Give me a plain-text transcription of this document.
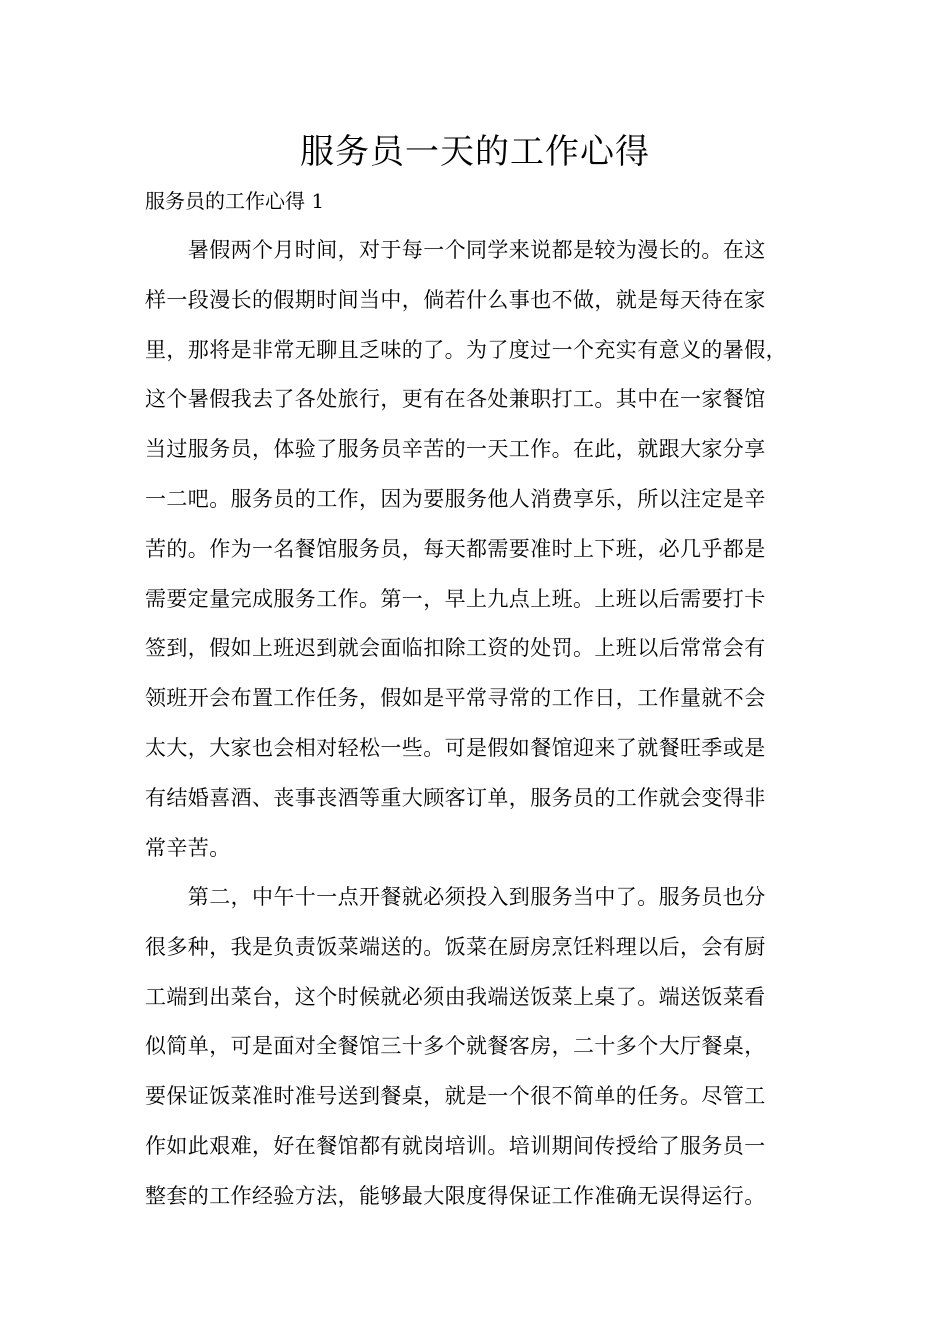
服务员一天的工作心得
服务员的工作心得 1

　　暑假两个月时间，对于每一个同学来说都是较为漫长的。在这
样一段漫长的假期时间当中，倘若什么事也不做，就是每天待在家
里，那将是非常无聊且乏味的了。为了度过一个充实有意义的暑假，
这个暑假我去了各处旅行，更有在各处兼职打工。其中在一家餐馆
当过服务员，体验了服务员辛苦的一天工作。在此，就跟大家分享
一二吧。服务员的工作，因为要服务他人消费享乐，所以注定是辛
苦的。作为一名餐馆服务员，每天都需要准时上下班，必几乎都是
需要定量完成服务工作。第一，早上九点上班。上班以后需要打卡
签到，假如上班迟到就会面临扣除工资的处罚。上班以后常常会有
领班开会布置工作任务，假如是平常寻常的工作日，工作量就不会
太大，大家也会相对轻松一些。可是假如餐馆迎来了就餐旺季或是
有结婚喜酒、丧事丧酒等重大顾客订单，服务员的工作就会变得非
常辛苦。

　　第二，中午十一点开餐就必须投入到服务当中了。服务员也分
很多种，我是负责饭菜端送的。饭菜在厨房烹饪料理以后，会有厨
工端到出菜台，这个时候就必须由我端送饭菜上桌了。端送饭菜看
似简单，可是面对全餐馆三十多个就餐客房，二十多个大厅餐桌，
要保证饭菜准时准号送到餐桌，就是一个很不简单的任务。尽管工
作如此艰难，好在餐馆都有就岗培训。培训期间传授给了服务员一
整套的工作经验方法，能够最大限度得保证工作准确无误得运行。
